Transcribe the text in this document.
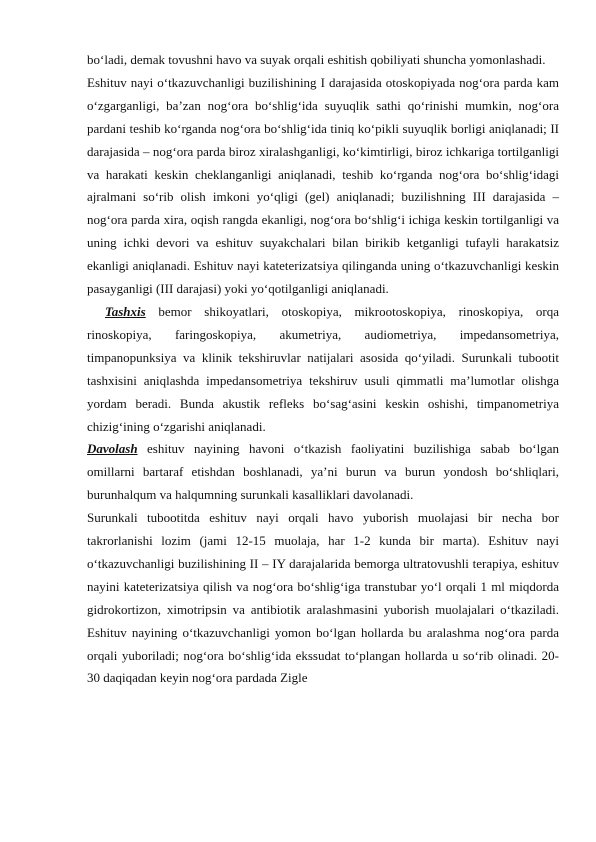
bo‘ladi, demak tovushni havo va suyak orqali eshitish qobiliyati shuncha yomonlashadi.

Eshituv nayi o‘tkazuvchanligi buzilishining I darajasida otoskopiyada nog‘ora parda kam o‘zgarganligi, ba’zan nog‘ora bo‘shlig‘ida suyuqlik sathi qo‘rinishi mumkin, nog‘ora pardani teshib ko‘rganda nog‘ora bo‘shlig‘ida tiniq ko‘pikli suyuqlik borligi aniqlanadi; II darajasida – nog‘ora parda biroz xiralashganligi, ko‘kimtirligi, biroz ichkariga tortilganligi va harakati keskin cheklanganligi aniqlanadi, teshib ko‘rganda nog‘ora bo‘shlig‘idagi ajralmani so‘rib olish imkoni yo‘qligi (gel) aniqlanadi; buzilishning III darajasida – nog‘ora parda xira, oqish rangda ekanligi, nog‘ora bo‘shlig‘i ichiga keskin tortilganligi va uning ichki devori va eshituv suyakchalari bilan birikib ketganligi tufayli harakatsiz ekanligi aniqlanadi. Eshituv nayi kateterizatsiya qilinganda uning o‘tkazuvchanligi keskin pasayganligi (III darajasi) yoki yo‘qotilganligi aniqlanadi.

Tashxis bemor shikoyatlari, otoskopiya, mikrootoskopiya, rinoskopiya, orqa rinoskopiya, faringoskopiya, akumetriya, audiometriya, impedansometriya, timpanopunksiya va klinik tekshiruvlar natijalari asosida qo‘yiladi. Surunkali tubootit tashxisini aniqlashda impedansometriya tekshiruv usuli qimmatli ma’lumotlar olishga yordam beradi. Bunda akustik refleks bo‘sag‘asini keskin oshishi, timpanometriya chizig‘ining o‘zgarishi aniqlanadi.

Davolash eshituv nayining havoni o‘tkazish faoliyatini buzilishiga sabab bo‘lgan omillarni bartaraf etishdan boshlanadi, ya’ni burun va burun yondosh bo‘shliqlari, burunhalqum va halqumning surunkali kasalliklari davolanadi.

Surunkali tubootitda eshituv nayi orqali havo yuborish muolajasi bir necha bor takrorlanishi lozim (jami 12-15 muolaja, har 1-2 kunda bir marta). Eshituv nayi o‘tkazuvchanligi buzilishining II – IY darajalarida bemorga ultratovushli terapiya, eshituv nayini kateterizatsiya qilish va nog‘ora bo‘shlig‘iga transtubar yo‘l orqali 1 ml miqdorda gidrokortizon, ximotripsin va antibiotik aralashmasini yuborish muolajalari o‘tkaziladi. Eshituv nayining o‘tkazuvchanligi yomon bo‘lgan hollarda bu aralashma nog‘ora parda orqali yuboriladi; nog‘ora bo‘shlig‘ida ekssudat to‘plangan hollarda u so‘rib olinadi. 20-30 daqiqadan keyin nog‘ora pardada Zigle
